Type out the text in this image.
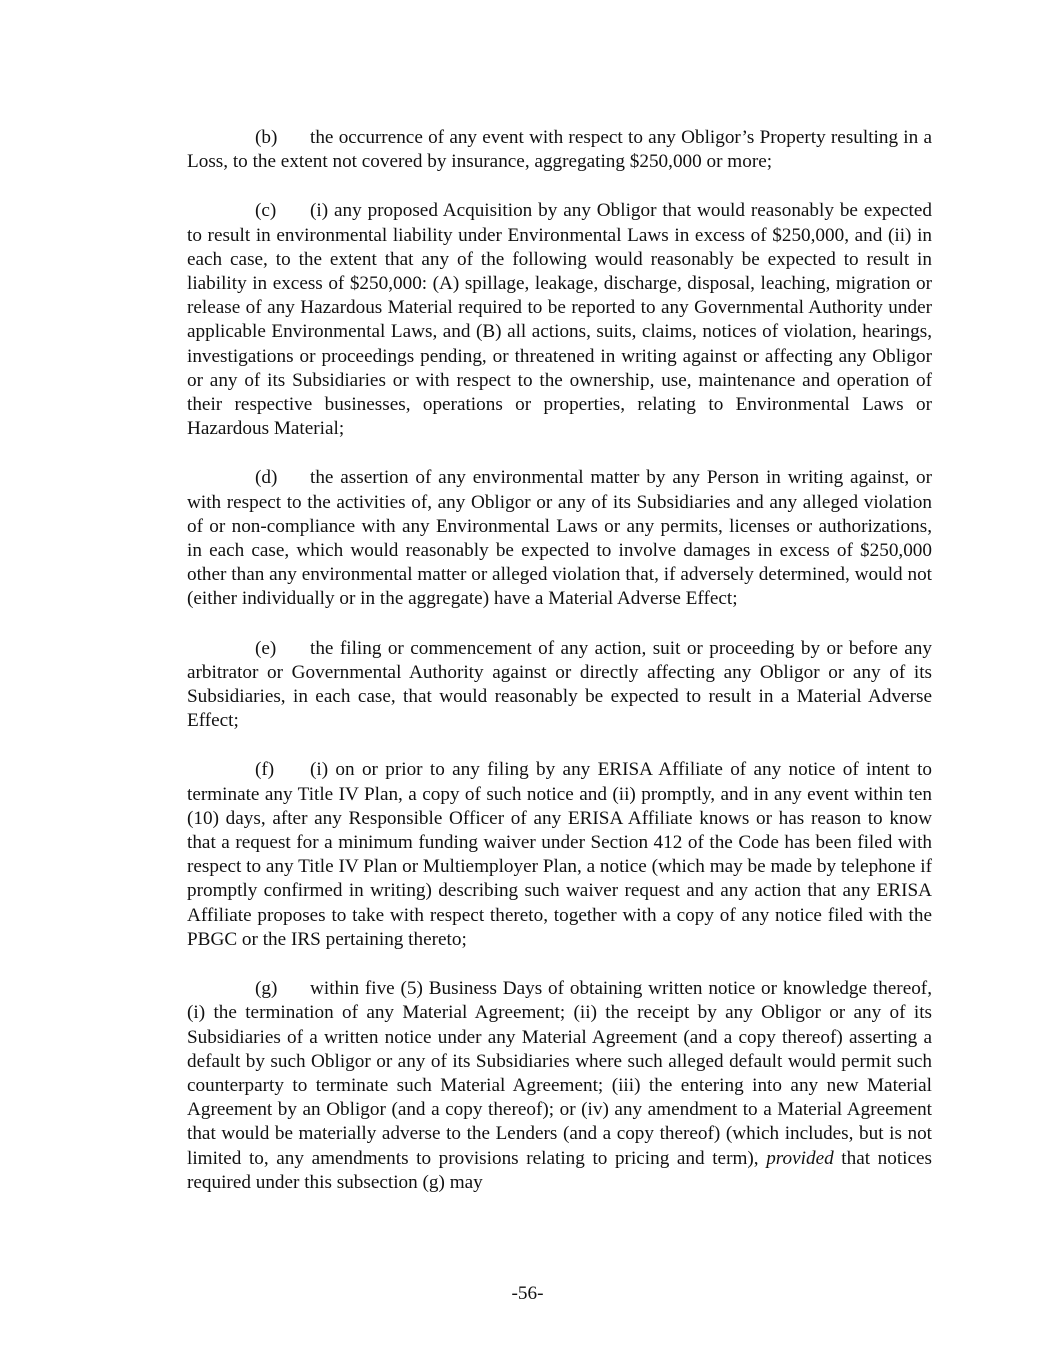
(b) the occurrence of any event with respect to any Obligor’s Property resulting in a Loss, to the extent not covered by insurance, aggregating $250,000 or more;

(c) (i) any proposed Acquisition by any Obligor that would reasonably be expected to result in environmental liability under Environmental Laws in excess of $250,000, and (ii) in each case, to the extent that any of the following would reasonably be expected to result in liability in excess of $250,000: (A) spillage, leakage, discharge, disposal, leaching, migration or release of any Hazardous Material required to be reported to any Governmental Authority under applicable Environmental Laws, and (B) all actions, suits, claims, notices of violation, hearings, investigations or proceedings pending, or threatened in writing against or affecting any Obligor or any of its Subsidiaries or with respect to the ownership, use, maintenance and operation of their respective businesses, operations or properties, relating to Environmental Laws or Hazardous Material;

(d) the assertion of any environmental matter by any Person in writing against, or with respect to the activities of, any Obligor or any of its Subsidiaries and any alleged violation of or non-compliance with any Environmental Laws or any permits, licenses or authorizations, in each case, which would reasonably be expected to involve damages in excess of $250,000 other than any environmental matter or alleged violation that, if adversely determined, would not (either individually or in the aggregate) have a Material Adverse Effect;

(e) the filing or commencement of any action, suit or proceeding by or before any arbitrator or Governmental Authority against or directly affecting any Obligor or any of its Subsidiaries, in each case, that would reasonably be expected to result in a Material Adverse Effect;

(f) (i) on or prior to any filing by any ERISA Affiliate of any notice of intent to terminate any Title IV Plan, a copy of such notice and (ii) promptly, and in any event within ten (10) days, after any Responsible Officer of any ERISA Affiliate knows or has reason to know that a request for a minimum funding waiver under Section 412 of the Code has been filed with respect to any Title IV Plan or Multiemployer Plan, a notice (which may be made by telephone if promptly confirmed in writing) describing such waiver request and any action that any ERISA Affiliate proposes to take with respect thereto, together with a copy of any notice filed with the PBGC or the IRS pertaining thereto;

(g) within five (5) Business Days of obtaining written notice or knowledge thereof, (i) the termination of any Material Agreement; (ii) the receipt by any Obligor or any of its Subsidiaries of a written notice under any Material Agreement (and a copy thereof) asserting a default by such Obligor or any of its Subsidiaries where such alleged default would permit such counterparty to terminate such Material Agreement; (iii) the entering into any new Material Agreement by an Obligor (and a copy thereof); or (iv) any amendment to a Material Agreement that would be materially adverse to the Lenders (and a copy thereof) (which includes, but is not limited to, any amendments to provisions relating to pricing and term), provided that notices required under this subsection (g) may

-56-
